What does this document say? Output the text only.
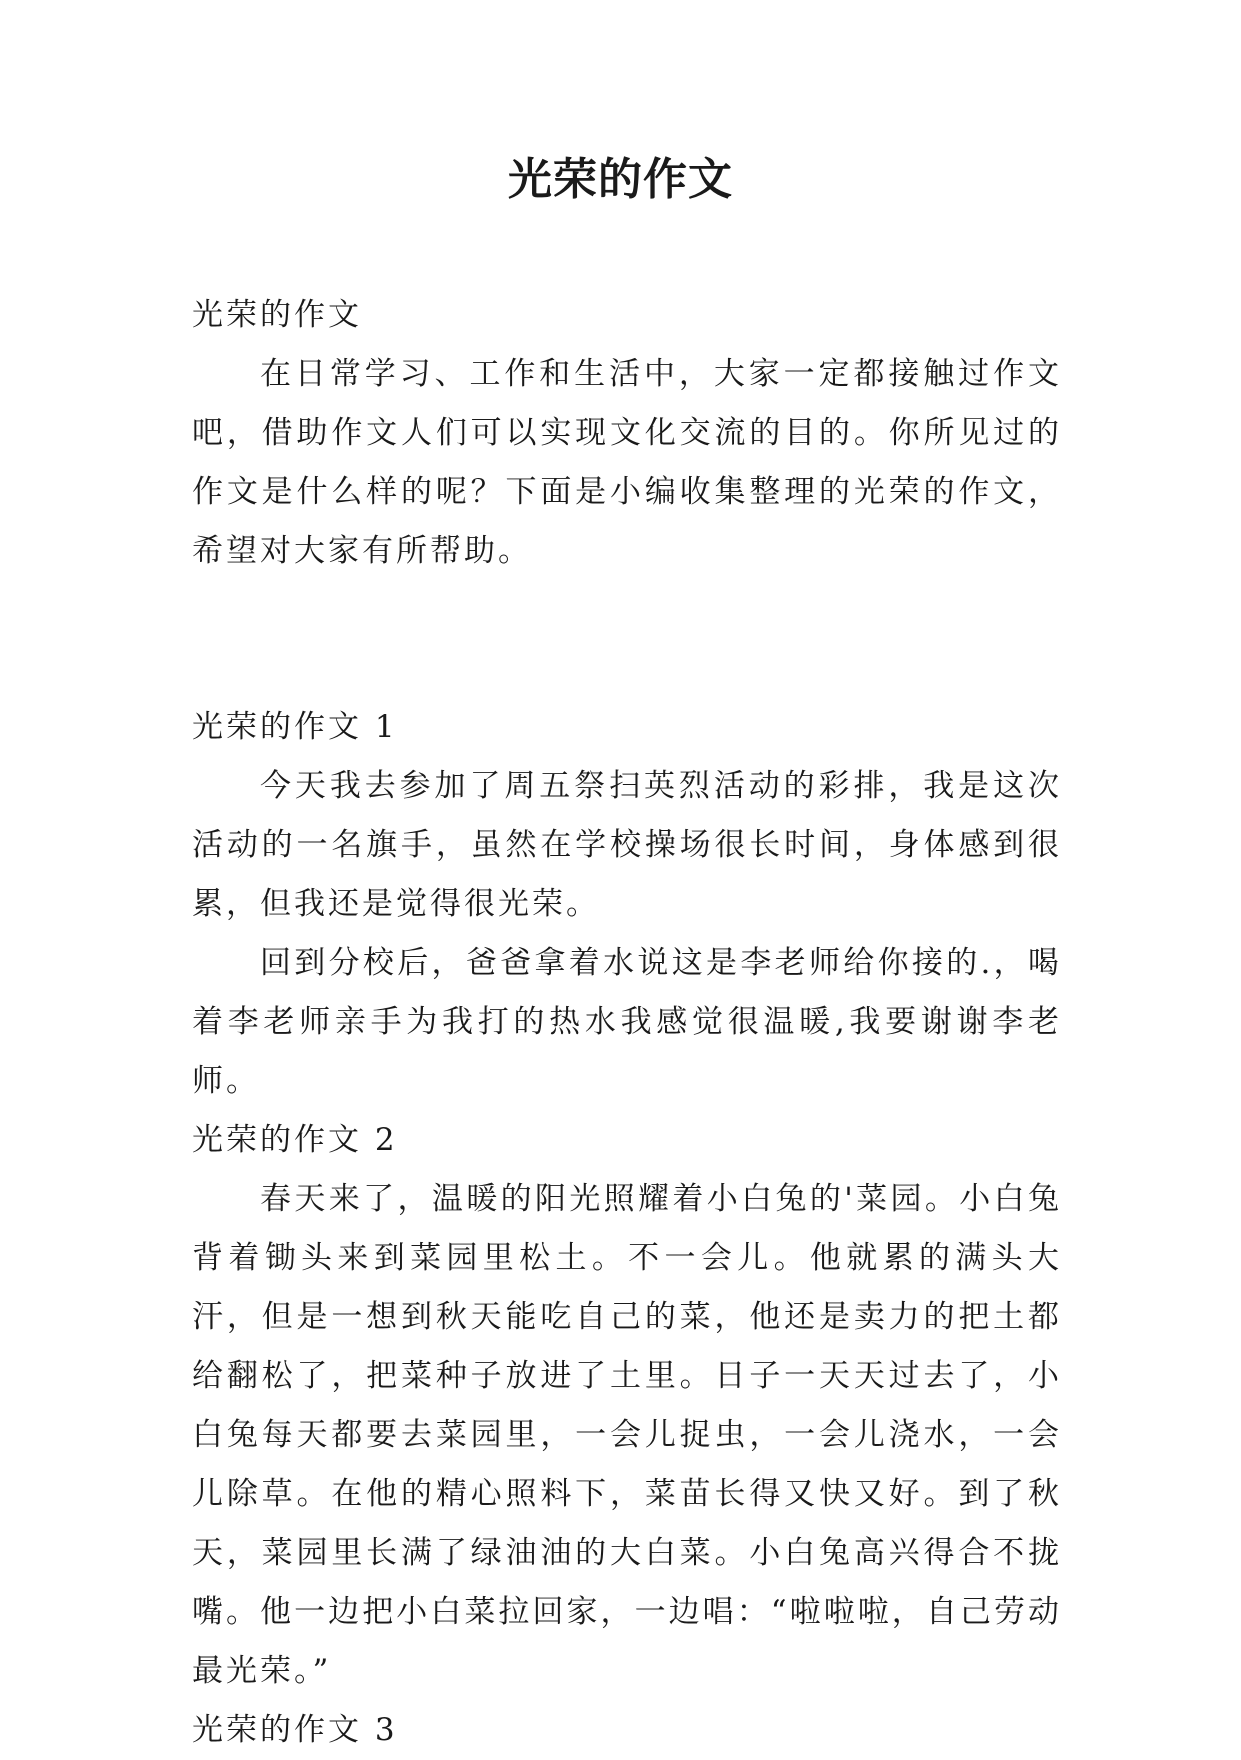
光荣的作文

光荣的作文

在日常学习、工作和生活中，大家一定都接触过作文吧，借助作文人们可以实现文化交流的目的。你所见过的作文是什么样的呢？下面是小编收集整理的光荣的作文，希望对大家有所帮助。

光荣的作文 1

今天我去参加了周五祭扫英烈活动的彩排，我是这次活动的一名旗手，虽然在学校操场很长时间，身体感到很累，但我还是觉得很光荣。

回到分校后，爸爸拿着水说这是李老师给你接的.，喝着李老师亲手为我打的热水我感觉很温暖,我要谢谢李老师。

光荣的作文 2

春天来了，温暖的阳光照耀着小白兔的'菜园。小白兔背着锄头来到菜园里松土。不一会儿。他就累的满头大汗，但是一想到秋天能吃自己的菜，他还是卖力的把土都给翻松了，把菜种子放进了土里。日子一天天过去了，小白兔每天都要去菜园里，一会儿捉虫，一会儿浇水，一会儿除草。在他的精心照料下，菜苗长得又快又好。到了秋天，菜园里长满了绿油油的大白菜。小白兔高兴得合不拢嘴。他一边把小白菜拉回家，一边唱：“啦啦啦，自己劳动最光荣。”

光荣的作文 3
